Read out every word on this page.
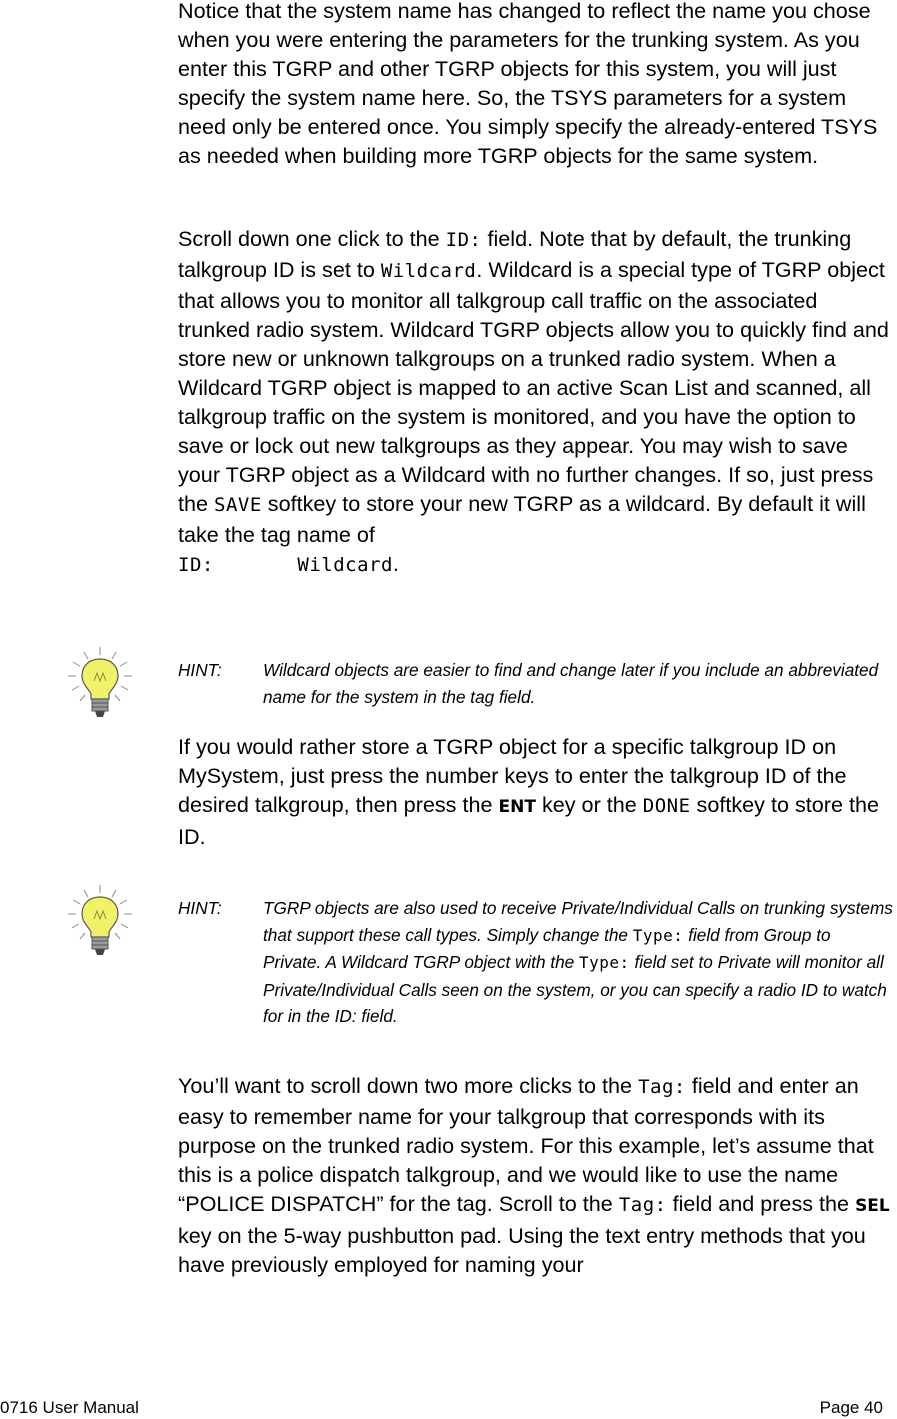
Notice that the system name has changed to reflect the name you chose when you were entering the parameters for the trunking system. As you enter this TGRP and other TGRP objects for this system, you will just specify the system name here. So, the TSYS parameters for a system need only be entered once. You simply specify the already-entered TSYS as needed when building more TGRP objects for the same system.

Scroll down one click to the ID: field. Note that by default, the trunking talkgroup ID is set to Wildcard. Wildcard is a special type of TGRP object that allows you to monitor all talkgroup call traffic on the associated trunked radio system. Wildcard TGRP objects allow you to quickly find and store new or unknown talkgroups on a trunked radio system. When a Wildcard TGRP object is mapped to an active Scan List and scanned, all talkgroup traffic on the system is monitored, and you have the option to save or lock out new talkgroups as they appear. You may wish to save your TGRP object as a Wildcard with no further changes. If so, just press the SAVE softkey to store your new TGRP as a wildcard. By default it will take the tag name of
ID:       Wildcard.

HINT: Wildcard objects are easier to find and change later if you include an abbreviated name for the system in the tag field.

If you would rather store a TGRP object for a specific talkgroup ID on MySystem, just press the number keys to enter the talkgroup ID of the desired talkgroup, then press the ENT key or the DONE softkey to store the ID.

HINT: TGRP objects are also used to receive Private/Individual Calls on trunking systems that support these call types. Simply change the Type: field from Group to Private. A Wildcard TGRP object with the Type: field set to Private will monitor all Private/Individual Calls seen on the system, or you can specify a radio ID to watch for in the ID: field.

You’ll want to scroll down two more clicks to the Tag: field and enter an easy to remember name for your talkgroup that corresponds with its purpose on the trunked radio system. For this example, let’s assume that this is a police dispatch talkgroup, and we would like to use the name “POLICE DISPATCH” for the tag. Scroll to the Tag: field and press the SEL key on the 5-way pushbutton pad. Using the text entry methods that you have previously employed for naming your

0716 User Manual	Page 40
